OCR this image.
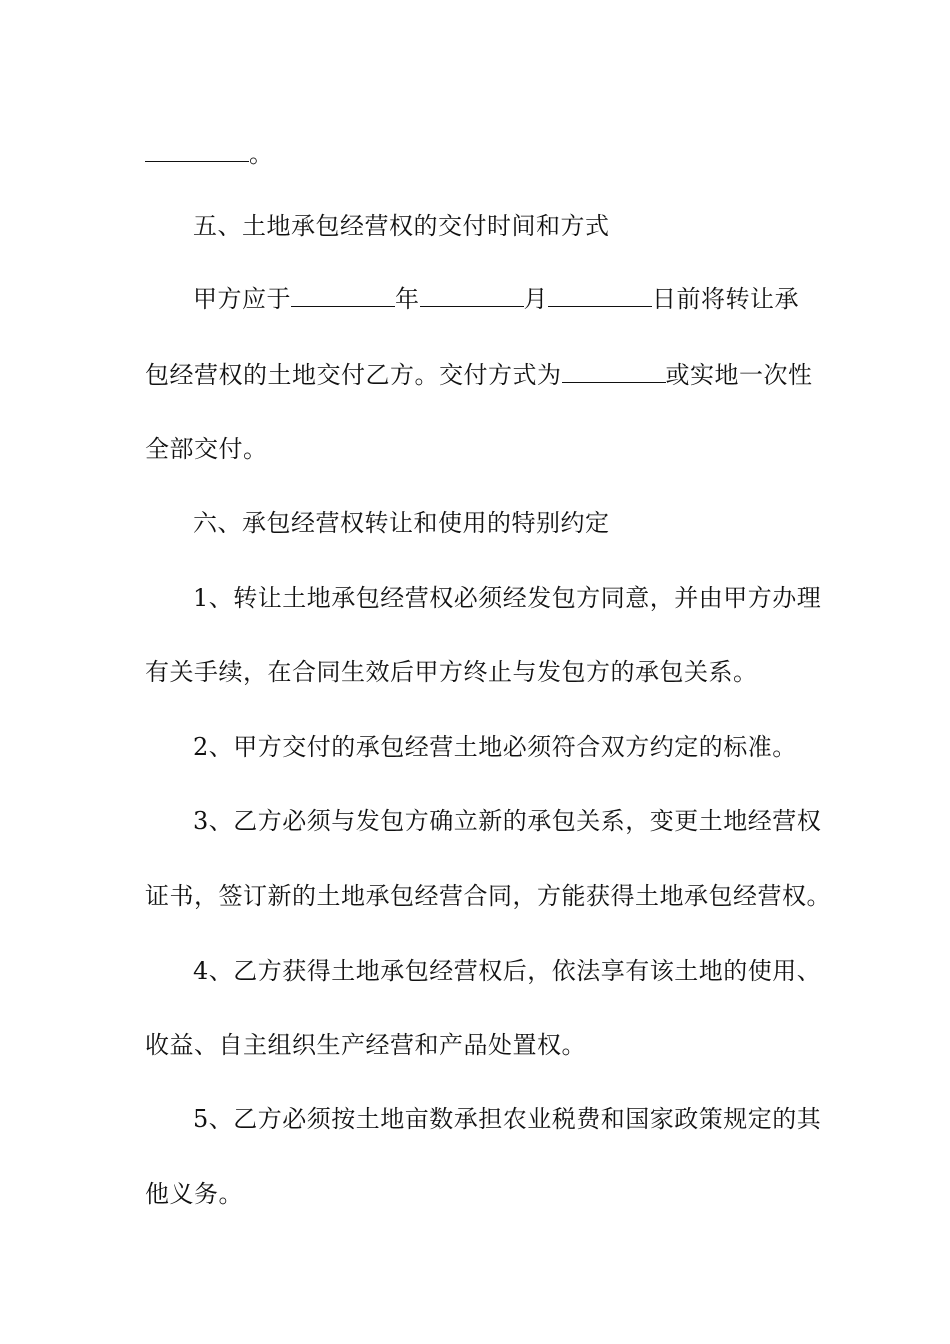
。
五、土地承包经营权的交付时间和方式
甲方应于	年	月	日前将转让承
包经营权的土地交付乙方。交付方式为	或实地一次性
全部交付。
六、承包经营权转让和使用的特别约定
1、转让土地承包经营权必须经发包方同意，并由甲方办理
有关手续，在合同生效后甲方终止与发包方的承包关系。
2、甲方交付的承包经营土地必须符合双方约定的标准。
3、乙方必须与发包方确立新的承包关系，变更土地经营权
证书，签订新的土地承包经营合同，方能获得土地承包经营权。
4、乙方获得土地承包经营权后，依法享有该土地的使用、
收益、自主组织生产经营和产品处置权。
5、乙方必须按土地亩数承担农业税费和国家政策规定的其
他义务。
